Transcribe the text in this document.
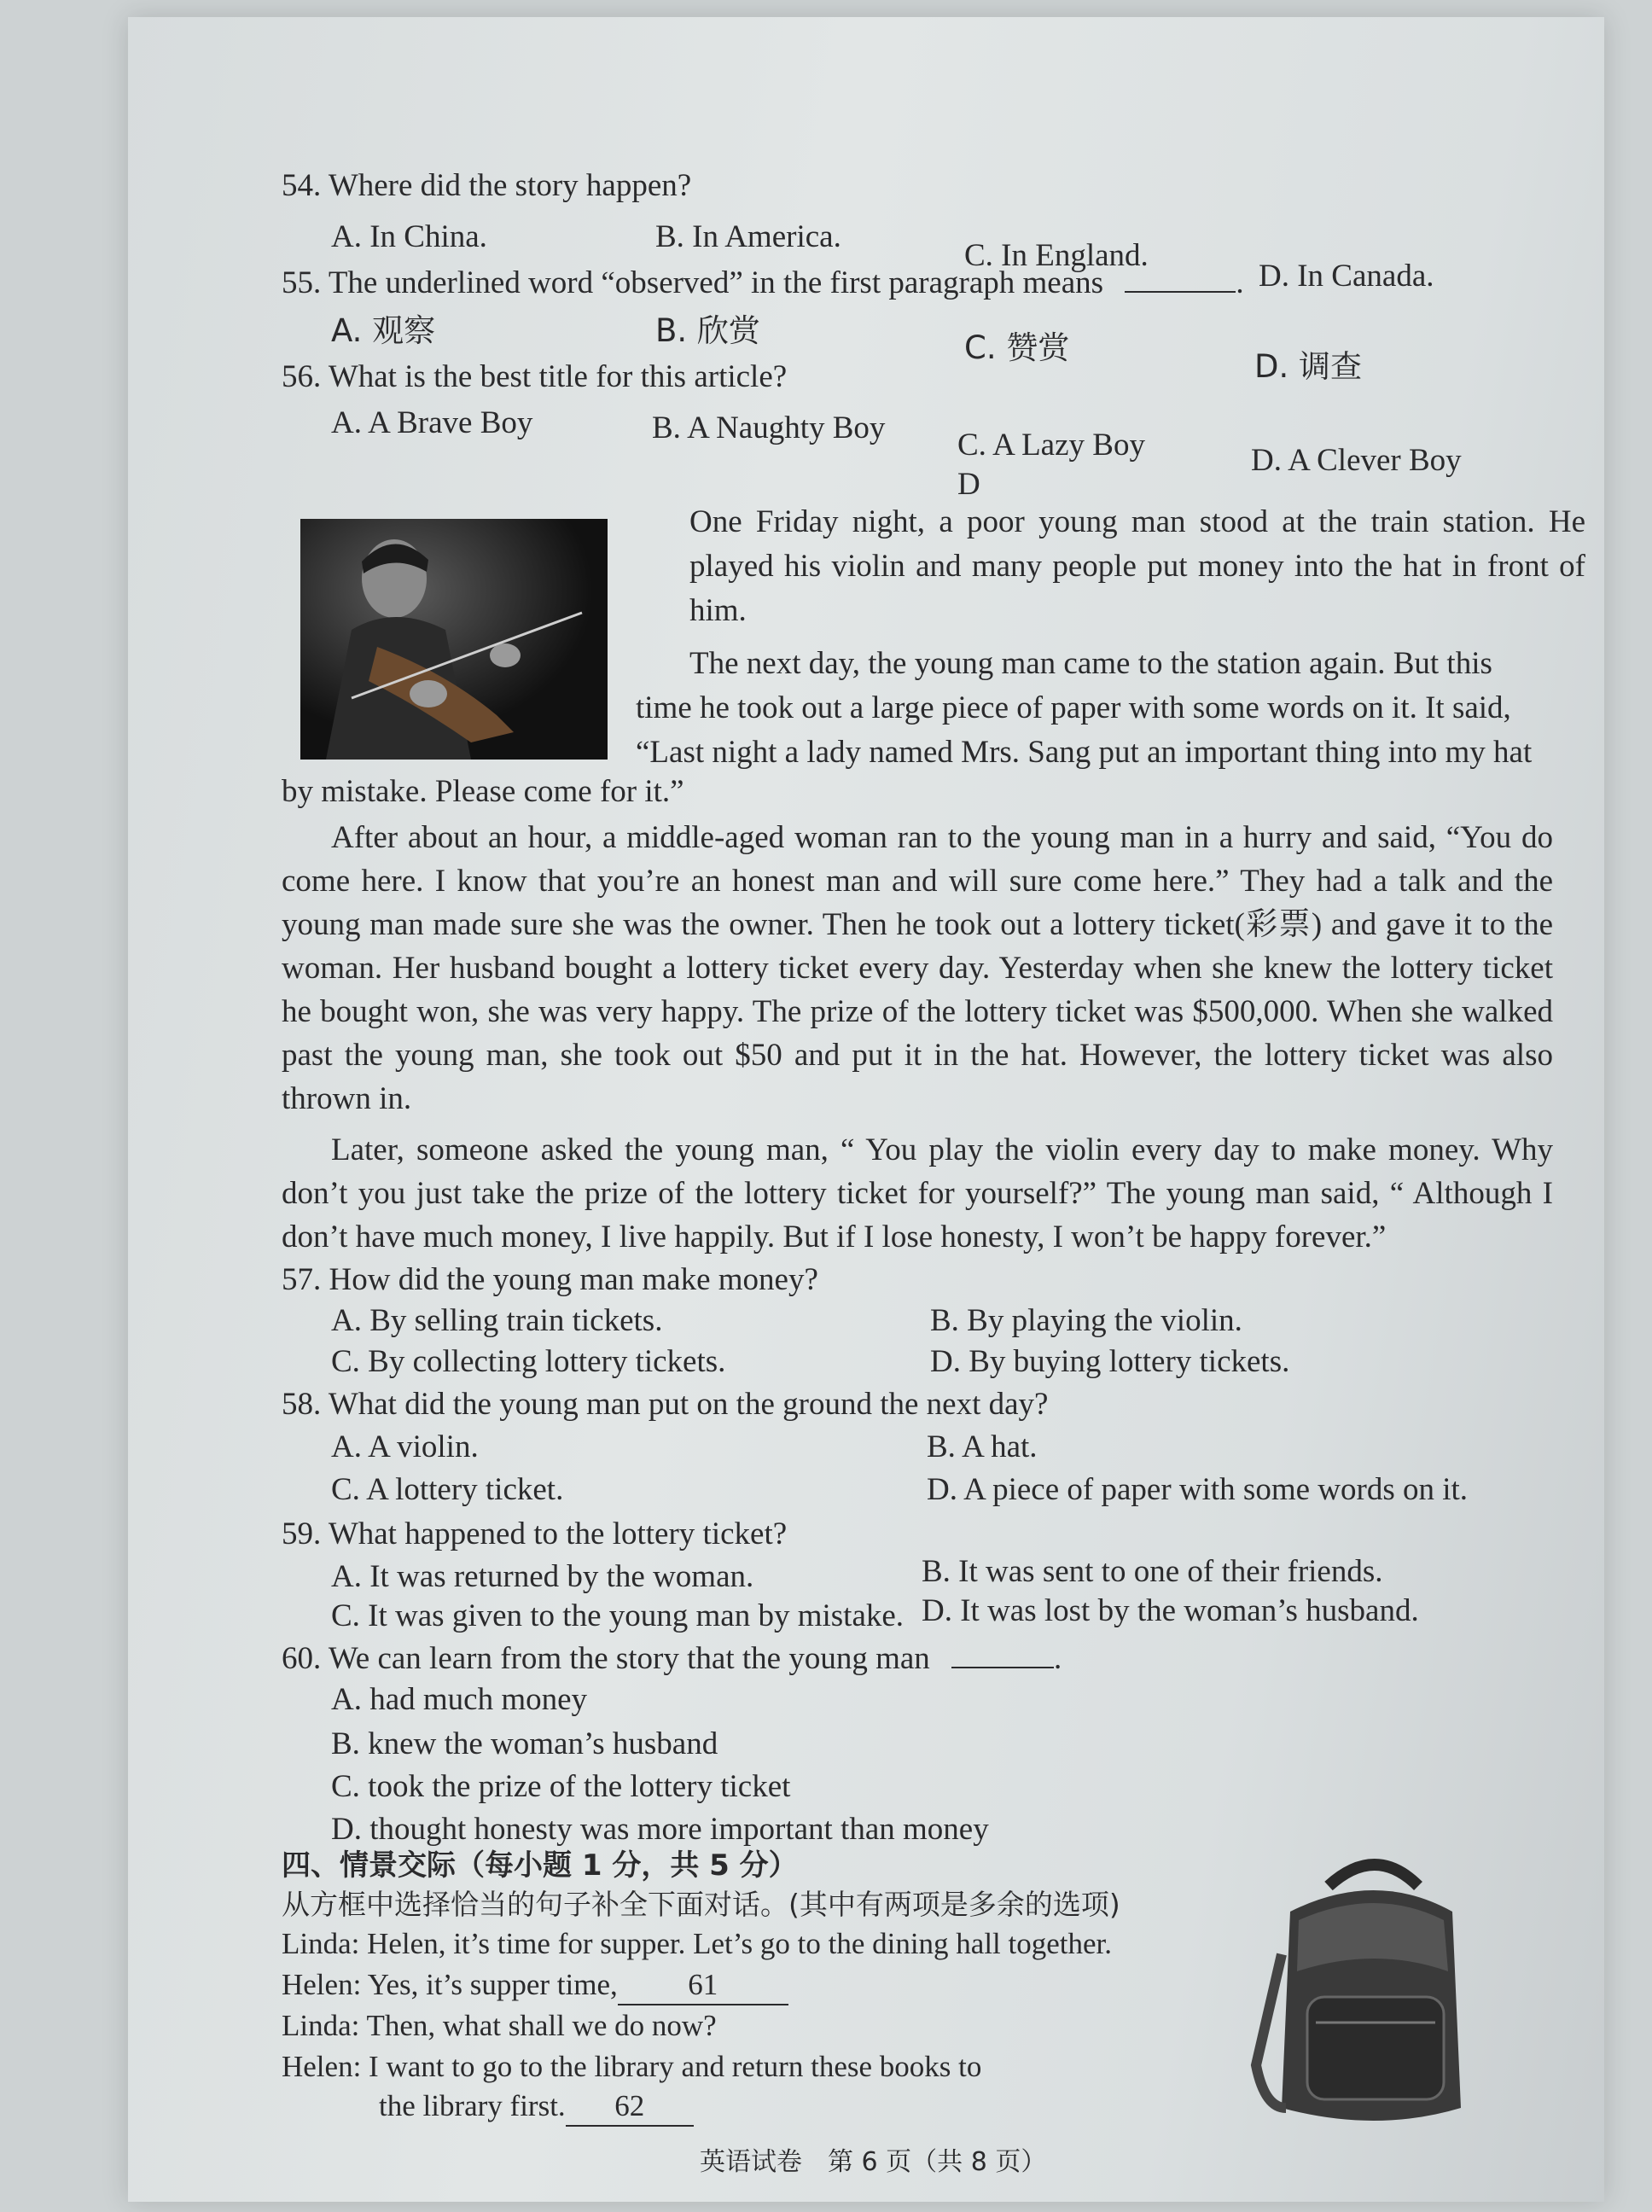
54. Where did the story happen?
A. In China.	B. In America.
C. In England.
D. In Canada.
55. The underlined word “observed” in the first paragraph means	.
A. 观察	B. 欣赏	C. 赞赏
D. 调查
56. What is the best title for this article?
A. A Brave Boy	B. A Naughty Boy C. A Lazy Boy	D. A Clever Boy
D
One Friday night, a poor young man stood at the train station. He played his violin and many people put money into the hat in front of him.
The next day, the young man came to the station again. But this
time he took out a large piece of paper with some words on it. It said,
“Last night a lady named Mrs. Sang put an important thing into my hat
by mistake. Please come for it.”
After about an hour, a middle-aged woman ran to the young man in a hurry and said, “You do come here. I know that you’re an honest man and will sure come here.” They had a talk and the young man made sure she was the owner. Then he took out a lottery ticket(彩票) and gave it to the woman. Her husband bought a lottery ticket every day. Yesterday when she knew the lottery ticket he bought won, she was very happy. The prize of the lottery ticket was $500,000. When she walked past the young man, she took out $50 and put it in the hat. However, the lottery ticket was also thrown in.
Later, someone asked the young man, “ You play the violin every day to make money. Why don’t you just take the prize of the lottery ticket for yourself?” The young man said, “ Although I don’t have much money, I live happily. But if I lose honesty, I won’t be happy forever.”
57. How did the young man make money?
A. By selling train tickets.	B. By playing the violin.
C. By collecting lottery tickets.	D. By buying lottery tickets.
58. What did the young man put on the ground the next day?
A. A violin.	B. A hat.
C. A lottery ticket.	D. A piece of paper with some words on it.
59. What happened to the lottery ticket?
A. It was returned by the woman.	B. It was sent to one of their friends.
C. It was given to the young man by mistake. D. It was lost by the woman’s husband.
60. We can learn from the story that the young man	.
A. had much money
B. knew the woman’s husband
C. took the prize of the lottery ticket
D. thought honesty was more important than money
四、情景交际（每小题 1 分，共 5 分）
从方框中选择恰当的句子补全下面对话。(其中有两项是多余的选项)
Linda: Helen, it’s time for supper. Let’s go to the dining hall together.
Helen: Yes, it’s supper time, 61
Linda: Then, what shall we do now?
Helen: I want to go to the library and return these books to
the library first. 62
英语试卷　第 6 页（共 8 页）
